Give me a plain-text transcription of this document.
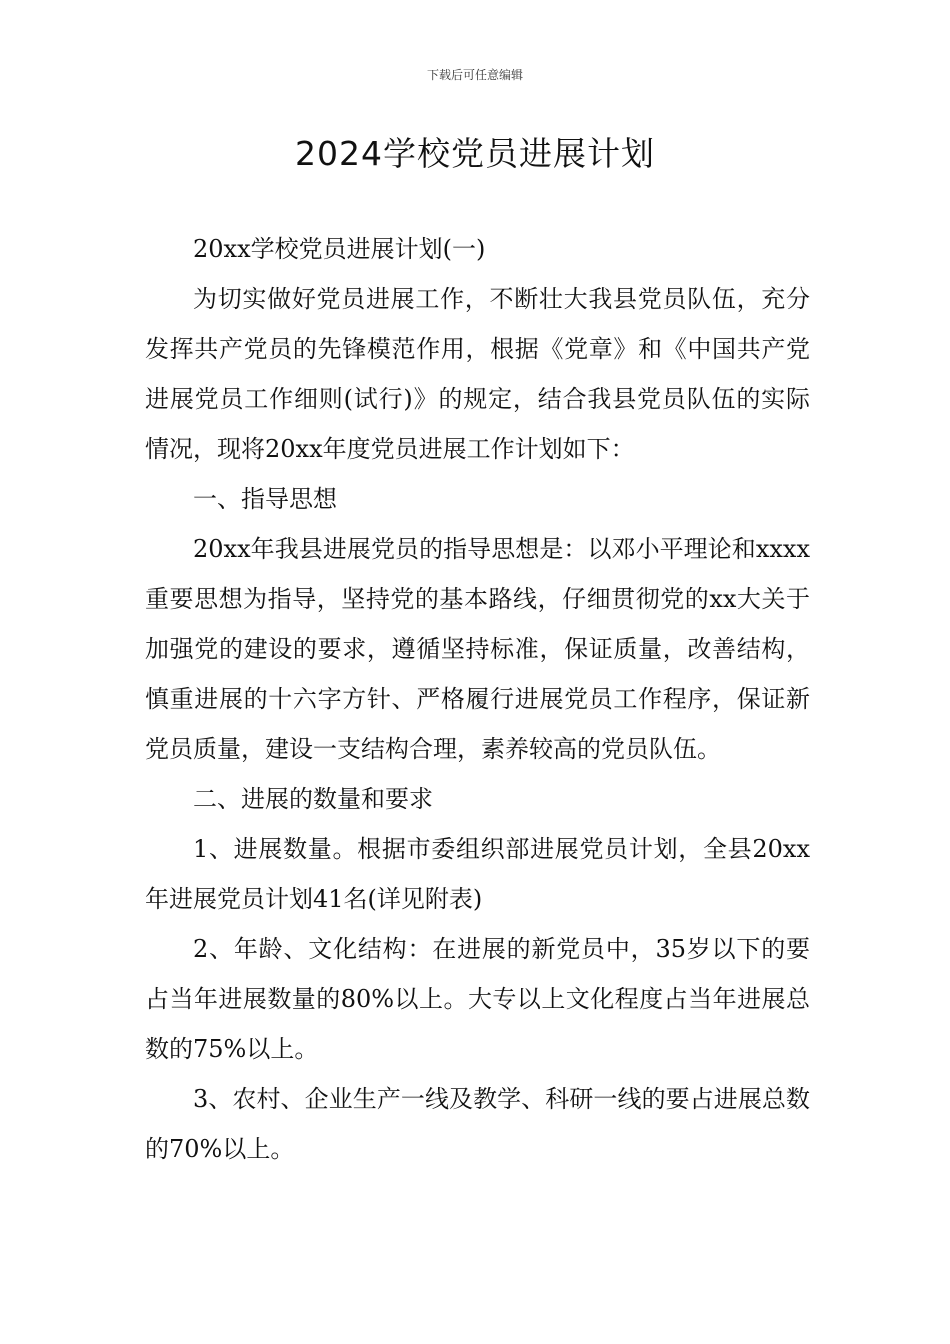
下载后可任意编辑
2024学校党员进展计划

20xx学校党员进展计划(一)

为切实做好党员进展工作，不断壮大我县党员队伍，充分发挥共产党员的先锋模范作用，根据《党章》和《中国共产党进展党员工作细则(试行)》的规定，结合我县党员队伍的实际情况，现将20xx年度党员进展工作计划如下：

一、指导思想

20xx年我县进展党员的指导思想是：以邓小平理论和xxxx重要思想为指导，坚持党的基本路线，仔细贯彻党的xx大关于加强党的建设的要求，遵循坚持标准，保证质量，改善结构，慎重进展的十六字方针、严格履行进展党员工作程序，保证新党员质量，建设一支结构合理，素养较高的党员队伍。

二、进展的数量和要求

1、进展数量。根据市委组织部进展党员计划，全县20xx年进展党员计划41名(详见附表)

2、年龄、文化结构：在进展的新党员中，35岁以下的要占当年进展数量的80%以上。大专以上文化程度占当年进展总数的75%以上。

3、农村、企业生产一线及教学、科研一线的要占进展总数的70%以上。
